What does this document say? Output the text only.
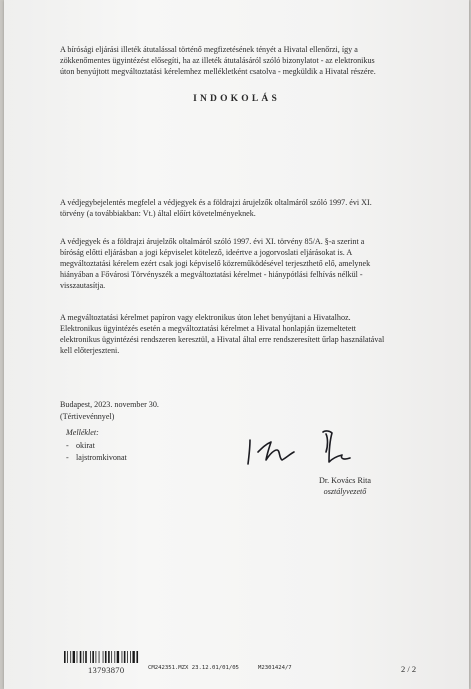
A bírósági eljárási illeték átutalással történő megfizetésének tényét a Hivatal ellenőrzi, így a
zökkenőmentes ügyintézést elősegíti, ha az illeték átutalásáról szóló bizonylatot - az elektronikus
úton benyújtott megváltoztatási kérelemhez mellékletként csatolva - megküldik a Hivatal részére.

INDOKOLÁS

A védjegybejelentés megfelel a védjegyek és a földrajzi árujelzők oltalmáról szóló 1997. évi XI.
törvény (a továbbiakban: Vt.) által előírt követelményeknek.

A védjegyek és a földrajzi árujelzők oltalmáról szóló 1997. évi XI. törvény 85/A. §-a szerint a
bíróság előtti eljárásban a jogi képviselet kötelező, ideértve a jogorvoslati eljárásokat is. A
megváltoztatási kérelem ezért csak jogi képviselő közreműködésével terjeszthető elő, amelynek
hiányában a Fővárosi Törvényszék a megváltoztatási kérelmet - hiánypótlási felhívás nélkül -
visszautasítja.

A megváltoztatási kérelmet papíron vagy elektronikus úton lehet benyújtani a Hivatalhoz.
Elektronikus ügyintézés esetén a megváltoztatási kérelmet a Hivatal honlapján üzemeltetett
elektronikus ügyintézési rendszeren keresztül, a Hivatal által erre rendszeresített űrlap használatával
kell előterjeszteni.

Budapest, 2023. november 30.
(Tértivevénnyel)
Melléklet:
- okirat
- lajstromkivonat
Dr. Kovács Rita
osztályvezető
13793870	CM242351.MZX 23.12.01/01/05	M2301424/7	2 / 2
